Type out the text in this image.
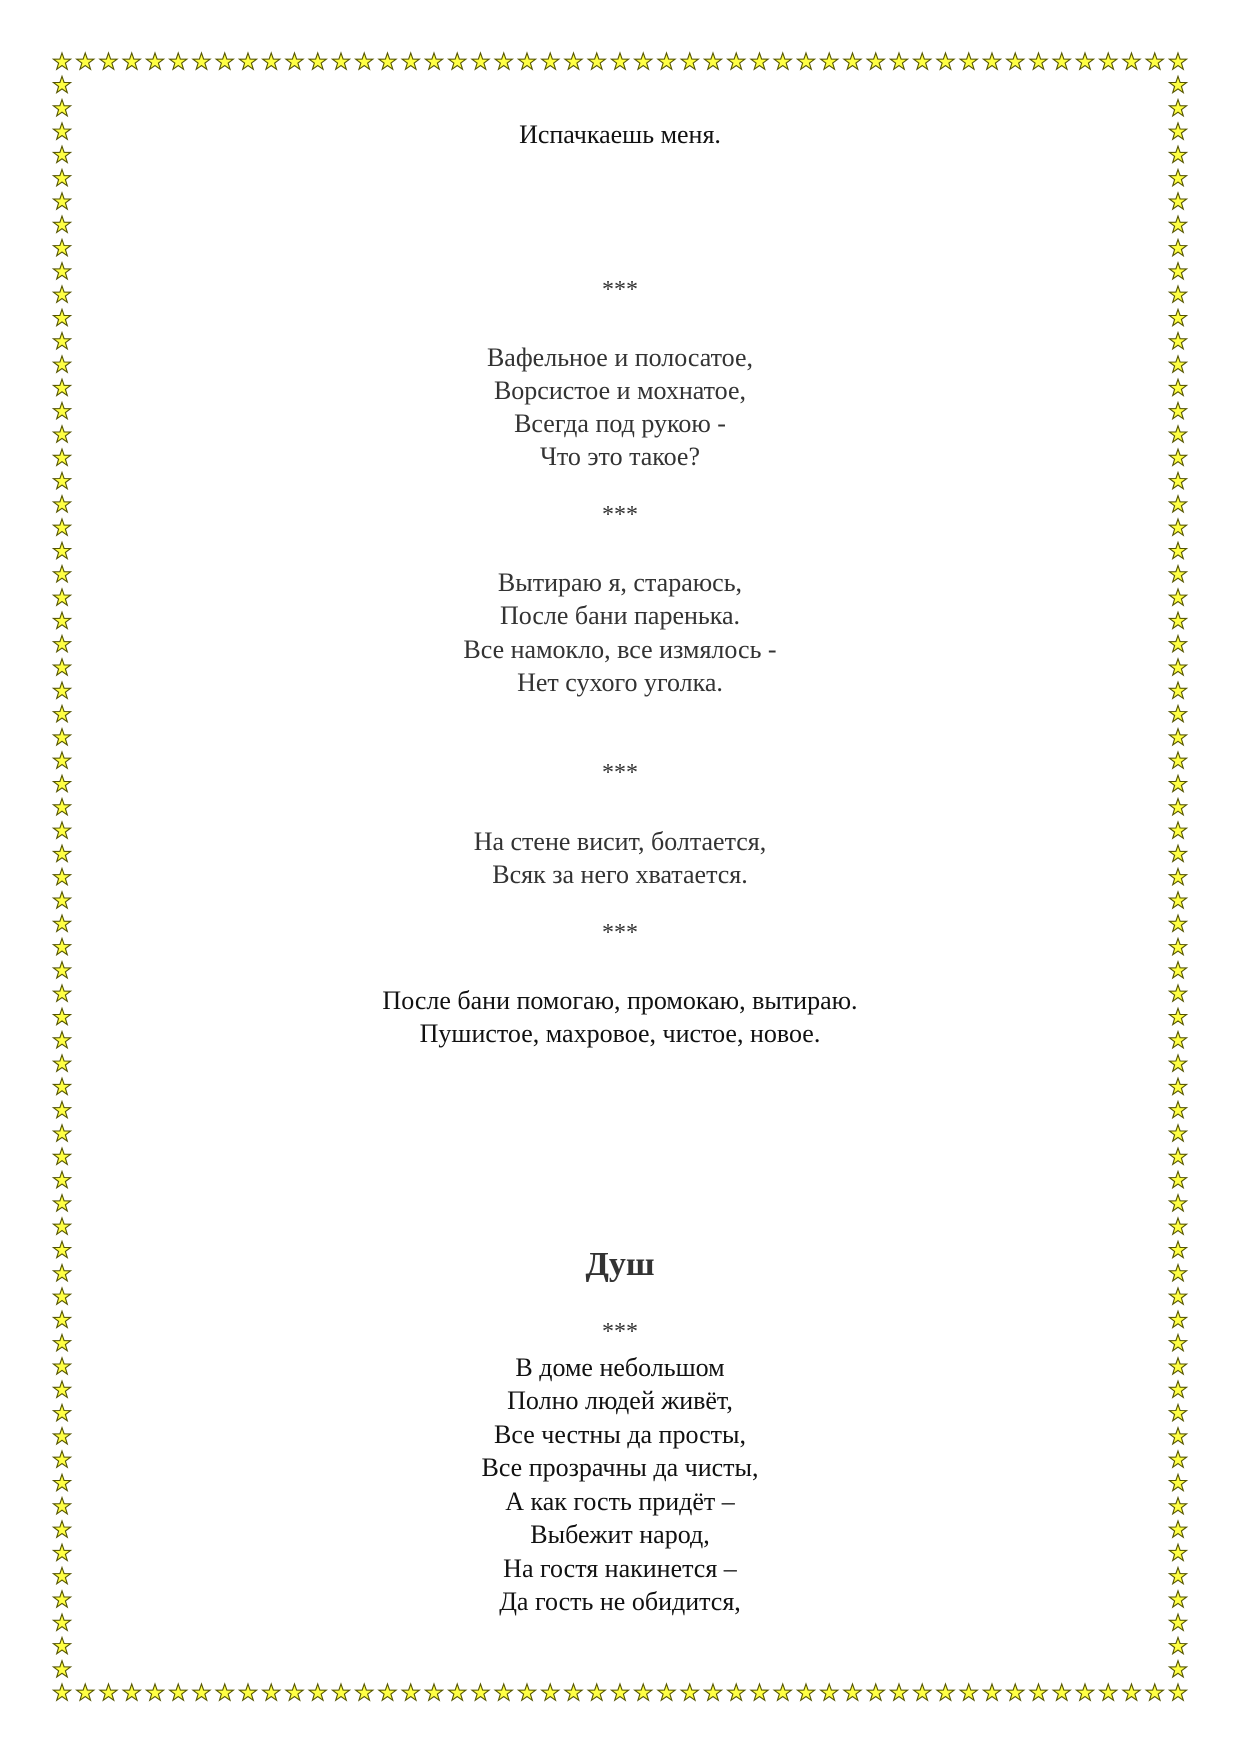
Испачкаешь меня.
***
Вафельное и полосатое,
Ворсистое и мохнатое,
Всегда под рукою -
Что это такое?
***
Вытираю я, стараюсь,
После бани паренька.
Все намокло, все измялось -
Нет сухого уголка.
***
На стене висит, болтается,
Всяк за него хватается.
***
После бани помогаю, промокаю, вытираю.
Пушистое, махровое, чистое, новое.
Душ
***
В доме небольшом
Полно людей живёт,
Все честны да просты,
Все прозрачны да чисты,
А как гость придёт –
Выбежит народ,
На гостя накинется –
Да гость не обидится,
